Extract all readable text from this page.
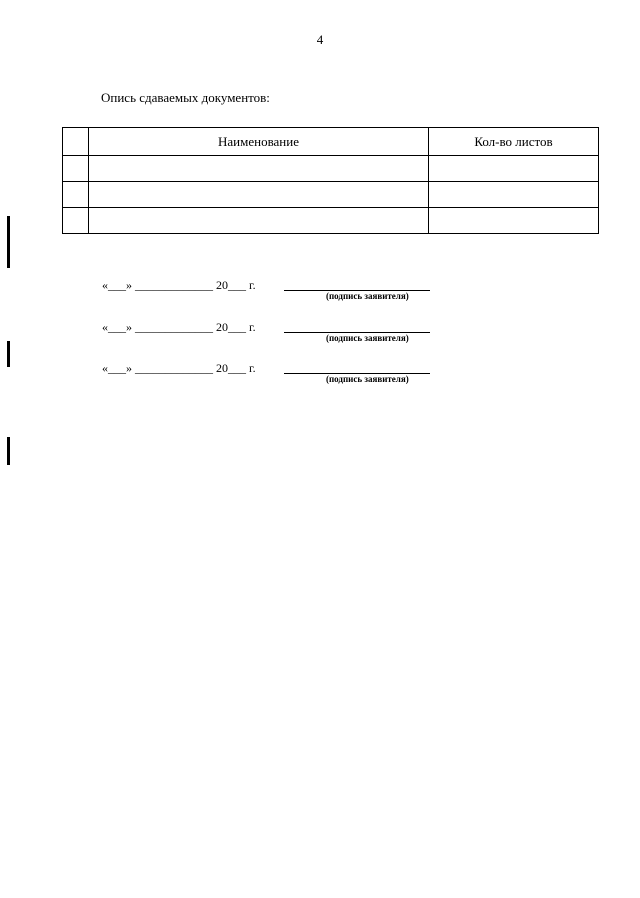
4
Опись сдаваемых документов:
	Наименование	Кол-во листов

«___» _____________ 20___ г.
(подпись заявителя)
«___» _____________ 20___ г.
(подпись заявителя)
«___» _____________ 20___ г.
(подпись заявителя)
